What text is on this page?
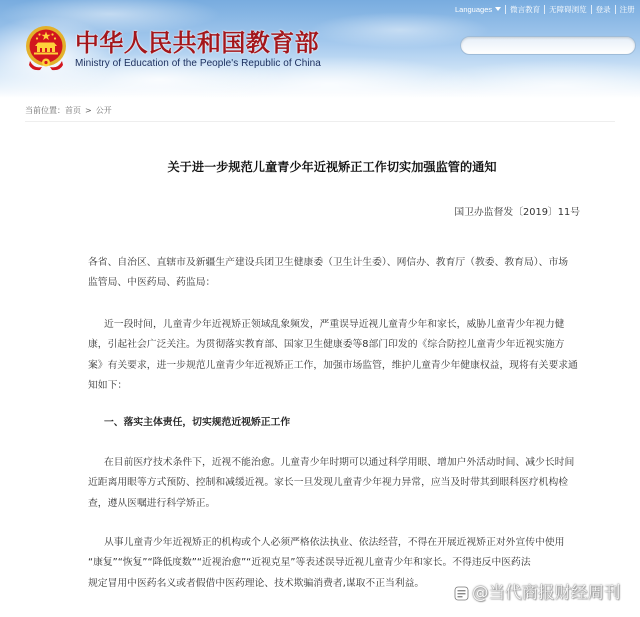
中华人民共和国教育部
Ministry of Education of the People's Republic of China
Languages	微言教育	无障碍浏览	登录	注册
当前位置：首页 > 公开
关于进一步规范儿童青少年近视矫正工作切实加强监管的通知
国卫办监督发〔2019〕11号
各省、自治区、直辖市及新疆生产建设兵团卫生健康委（卫生计生委）、网信办、教育厅（教委、教育局）、市场
监管局、中医药局、药监局：
近一段时间，儿童青少年近视矫正领域乱象频发，严重误导近视儿童青少年和家长，威胁儿童青少年视力健
康，引起社会广泛关注。为贯彻落实教育部、国家卫生健康委等8部门印发的《综合防控儿童青少年近视实施方
案》有关要求，进一步规范儿童青少年近视矫正工作，加强市场监管，维护儿童青少年健康权益，现将有关要求通
知如下：
一、落实主体责任，切实规范近视矫正工作
在目前医疗技术条件下，近视不能治愈。儿童青少年时期可以通过科学用眼、增加户外活动时间、减少长时间
近距离用眼等方式预防、控制和减缓近视。家长一旦发现儿童青少年视力异常，应当及时带其到眼科医疗机构检
查，遵从医嘱进行科学矫正。
从事儿童青少年近视矫正的机构或个人必须严格依法执业、依法经营，不得在开展近视矫正对外宣传中使用
“康复”“恢复”“降低度数”“近视治愈”“近视克星”等表述误导近视儿童青少年和家长。不得违反中医药法
规定冒用中医药名义或者假借中医药理论、技术欺骗消费者,谋取不正当利益。	@当代商报财经周刊
